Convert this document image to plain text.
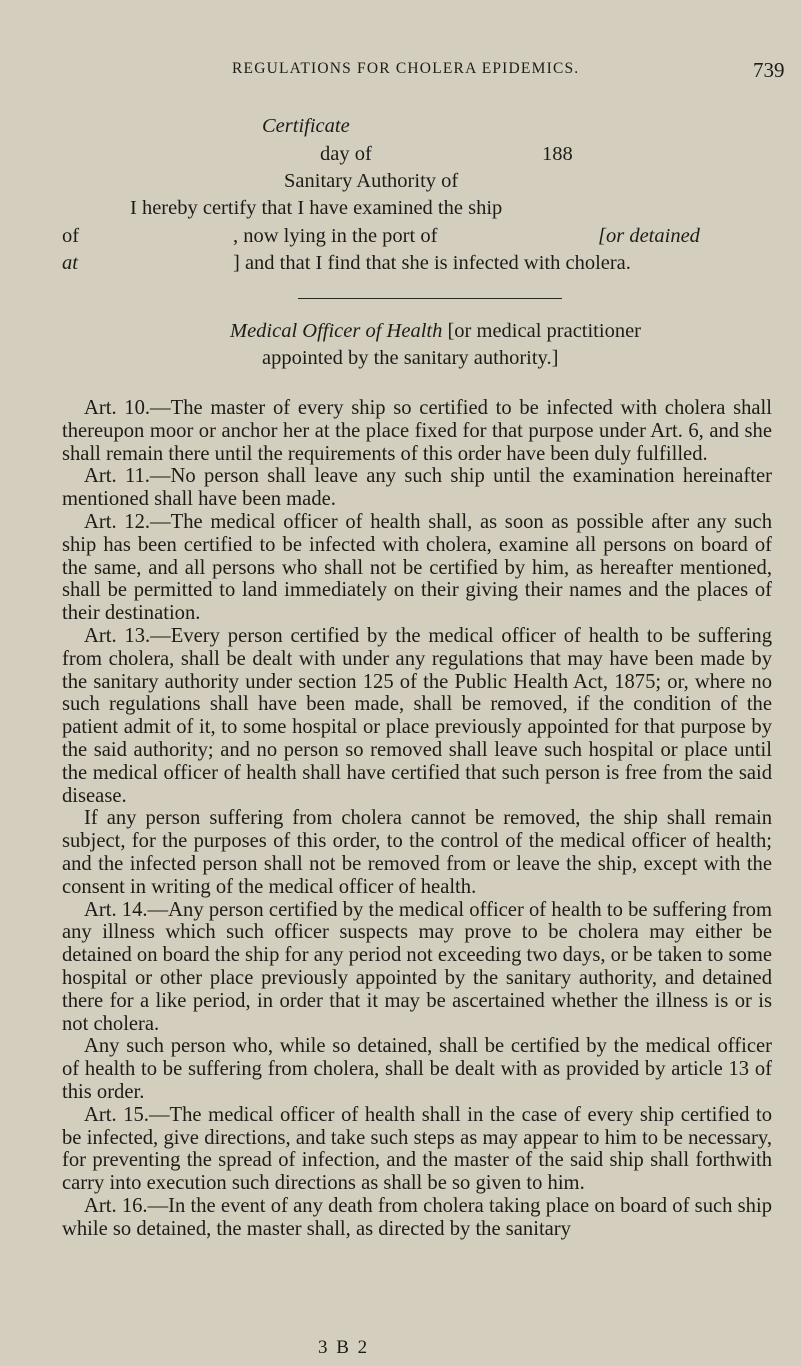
REGULATIONS FOR CHOLERA EPIDEMICS.	739
Certificate
day of	188
Sanitary Authority of
I hereby certify that I have examined the ship
of	, now lying in the port of	[or detained
at	] and that I find that she is infected with cholera.
Medical Officer of Health [or medical practitioner
appointed by the sanitary authority.]

Art. 10.—The master of every ship so certified to be infected with cholera shall thereupon moor or anchor her at the place fixed for that purpose under Art. 6, and she shall remain there until the requirements of this order have been duly fulfilled.

Art. 11.—No person shall leave any such ship until the examination hereinafter mentioned shall have been made.

Art. 12.—The medical officer of health shall, as soon as possible after any such ship has been certified to be infected with cholera, examine all persons on board of the same, and all persons who shall not be certified by him, as hereafter mentioned, shall be permitted to land immediately on their giving their names and the places of their destination.

Art. 13.—Every person certified by the medical officer of health to be suffering from cholera, shall be dealt with under any regulations that may have been made by the sanitary authority under section 125 of the Public Health Act, 1875; or, where no such regulations shall have been made, shall be removed, if the condition of the patient admit of it, to some hospital or place previously appointed for that purpose by the said authority; and no person so removed shall leave such hospital or place until the medical officer of health shall have certified that such person is free from the said disease.

If any person suffering from cholera cannot be removed, the ship shall remain subject, for the purposes of this order, to the control of the medical officer of health; and the infected person shall not be removed from or leave the ship, except with the consent in writing of the medical officer of health.

Art. 14.—Any person certified by the medical officer of health to be suffering from any illness which such officer suspects may prove to be cholera may either be detained on board the ship for any period not exceeding two days, or be taken to some hospital or other place previously appointed by the sanitary authority, and detained there for a like period, in order that it may be ascertained whether the illness is or is not cholera.

Any such person who, while so detained, shall be certified by the medical officer of health to be suffering from cholera, shall be dealt with as provided by article 13 of this order.

Art. 15.—The medical officer of health shall in the case of every ship certified to be infected, give directions, and take such steps as may appear to him to be necessary, for preventing the spread of infection, and the master of the said ship shall forthwith carry into execution such directions as shall be so given to him.

Art. 16.—In the event of any death from cholera taking place on board of such ship while so detained, the master shall, as directed by the sanitary

3 B 2
